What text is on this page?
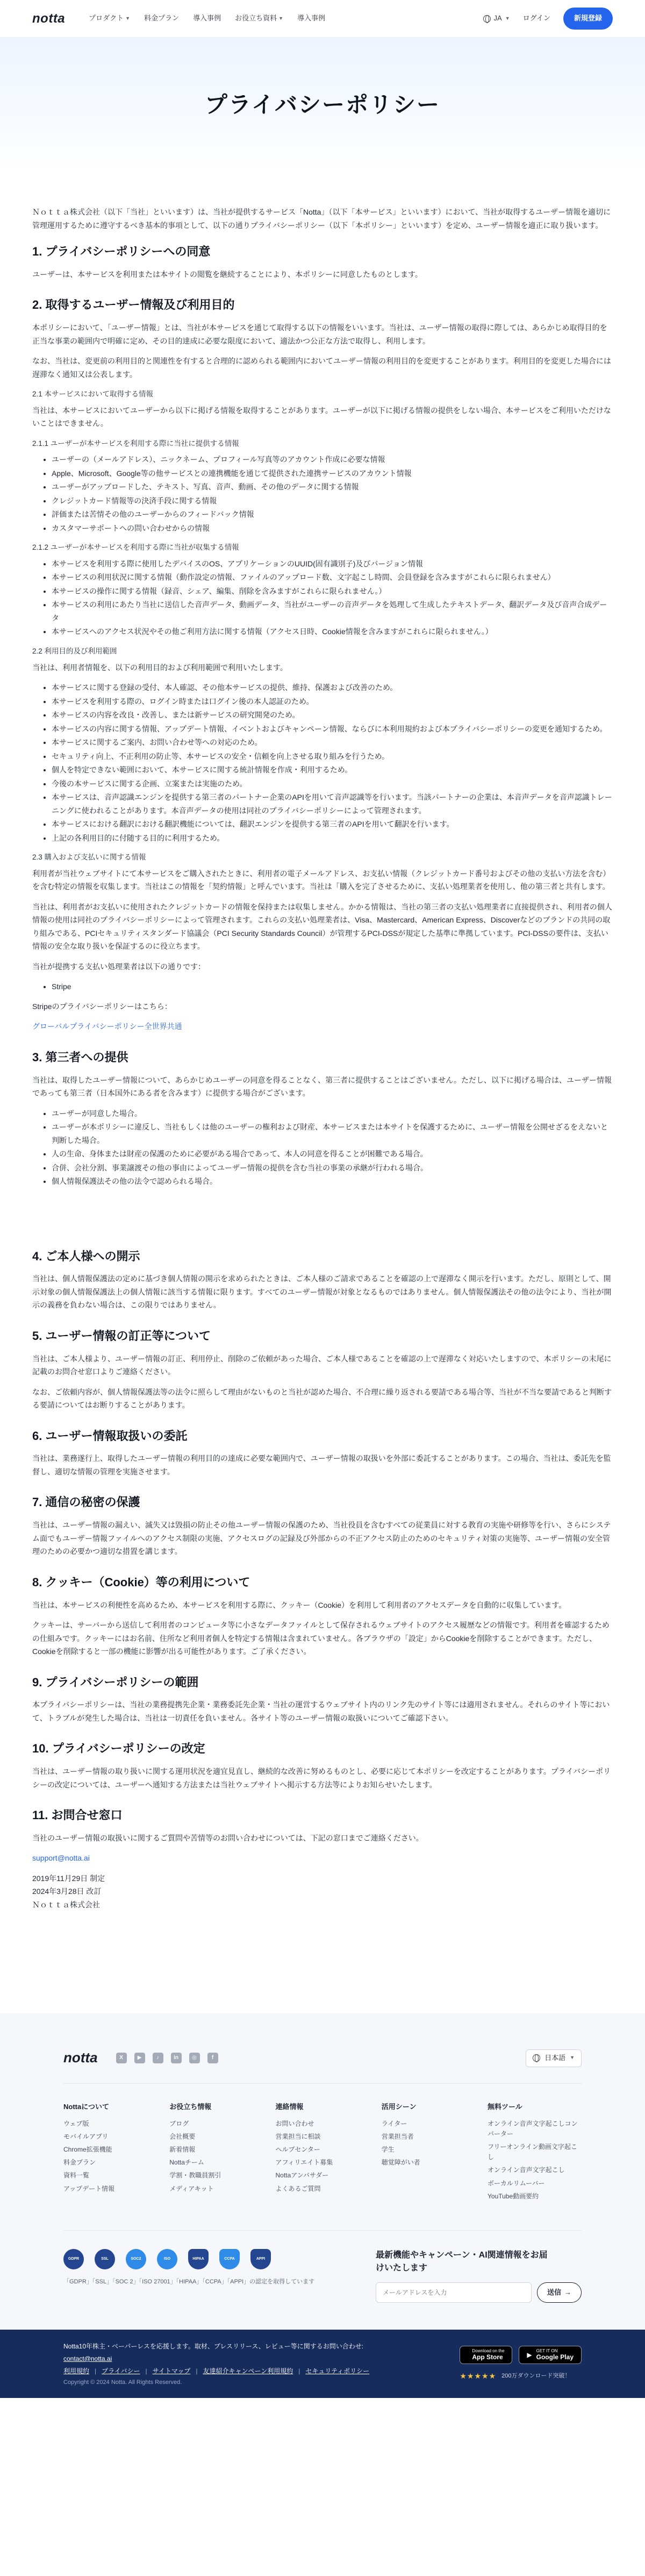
notta	プロダクト ▼ 料金プラン 導入事例 お役立ち資料 ▼ 導入事例	JA ▼ ログイン	新規登録
プライバシーポリシー

Ｎｏｔｔａ株式会社（以下「当社」といいます）は、当社が提供するサービス「Notta」（以下「本サービス」といいます）において、当社が取得するユーザー情報を適切に管理運用するために遵守するべき基本的事項として、以下の通りプライバシーポリシー（以下「本ポリシー」といいます）を定め、ユーザー情報を適正に取り扱います。

1. プライバシーポリシーへの同意

ユーザーは、本サービスを利用または本サイトの閲覧を継続することにより、本ポリシーに同意したものとします。

2. 取得するユーザー情報及び利用目的

本ポリシーにおいて、「ユーザー情報」とは、当社が本サービスを通じて取得する以下の情報をいいます。当社は、ユーザー情報の取得に際しては、あらかじめ取得目的を正当な事業の範囲内で明確に定め、その目的達成に必要な限度において、適法かつ公正な方法で取得し、利用します。

なお、当社は、変更前の利用目的と関連性を有すると合理的に認められる範囲内においてユーザー情報の利用目的を変更することがあります。利用目的を変更した場合には遅滞なく通知又は公表します。

2.1 本サービスにおいて取得する情報

当社は、本サービスにおいてユーザーから以下に掲げる情報を取得することがあります。ユーザーが以下に掲げる情報の提供をしない場合、本サービスをご利用いただけないことはできません。

2.1.1 ユーザーが本サービスを利用する際に当社に提供する情報
• ユーザーの（メールアドレス）、ニックネーム、プロフィール写真等のアカウント作成に必要な情報
• Apple、Microsoft、Google等の他サービスとの連携機能を通じて提供された連携サービスのアカウント情報
• ユーザーがアップロードした、テキスト、写真、音声、動画、その他のデータに関する情報
• クレジットカード情報等の決済手段に関する情報
• 評価または苦情その他のユーザーからのフィードバック情報
• カスタマーサポートへの問い合わせからの情報
2.1.2 ユーザーが本サービスを利用する際に当社が収集する情報
• 本サービスを利用する際に使用したデバイスのOS、アプリケーションのUUID(固有識別子)及びバージョン情報
• 本サービスの利用状況に関する情報（動作設定の情報、ファイルのアップロード数、文字起こし時間、会員登録を含みますがこれらに限られません）
• 本サービスの操作に関する情報（録音、シェア、編集、削除を含みますがこれらに限られません。）
• 本サービスの利用にあたり当社に送信した音声データ、動画データ、当社がユーザーの音声データを処理して生成したテキストデータ、翻訳データ及び音声合成データ
• 本サービスへのアクセス状況やその他ご利用方法に関する情報（アクセス日時、Cookie情報を含みますがこれらに限られません。）
2.2 利用目的及び利用範囲

当社は、利用者情報を、以下の利用目的および利用範囲で利用いたします。

• 本サービスに関する登録の受付、本人確認、その他本サービスの提供、維持、保護および改善のため。
• 本サービスを利用する際の、ログイン時または口グイン後の本人認証のため。
• 本サービスの内容を改良・改善し、または新サービスの研究開発のため。
• 本サービスの内容に関する情報、アップデート情報、イベントおよびキャンペーン情報、ならびに本利用規約および本プライバシーポリシーの変更を通知するため。
• 本サービスに関するご案内、お問い合わせ等への対応のため。
• セキュリティ向上、不正利用の防止等、本サービスの安全・信頼を向上させる取り組みを行うため。
• 個人を特定できない範囲において、本サービスに関する統計情報を作成・利用するため。
• 今後の本サービスに関する企画、立案または実施のため。
• 本サービスは、音声認識エンジンを提供する第三者のパートナー企業のAPIを用いて音声認識等を行います。当該パートナーの企業は、本音声データを音声認識トレーニングに使われることがあります。本音声データの使用は同社のプライバシーポリシーによって管理されます。
• 本サービスにおける翻訳における翻訳機能については、翻訳エンジンを提供する第三者のAPIを用いて翻訳を行います。
• 上記の各利用目的に付随する目的に利用するため。
2.3 購入および支払いに関する情報

利用者が当社ウェブサイトにて本サービスをご購入されたときに、利用者の電子メールアドレス、お支払い情報（クレジットカード番号およびその他の支払い方法を含む）を含む特定の情報を収集します。当社はこの情報を「契約情報」と呼んでいます。当社は「購入を完了させるために、支払い処理業者を使用し、他の第三者と共有します。

当社は、利用者がお支払いに使用されたクレジットカードの情報を保持または収集しません。かかる情報は、当社の第三者の支払い処理業者に直接提供され、利用者の個人情報の使用は同社のプライバシーポリシーによって管理されます。これらの支払い処理業者は、Visa、Mastercard、American Express、Discoverなどのブランドの共同の取り組みである、PCIセキュリティスタンダード協議会（PCI Security Standards Council）が管理するPCI-DSSが規定した基準に準拠しています。PCI-DSSの要件は、支払い情報の安全な取り扱いを保証するのに役立ちます。

当社が提携する支払い処理業者は以下の通りです：

• Stripe

Stripeのプライバシーポリシーはこちら：

グローバルプライバシーポリシー全世界共通

3. 第三者への提供

当社は、取得したユーザー情報について、あらかじめユーザーの同意を得ることなく、第三者に提供することはございません。ただし、以下に掲げる場合は、ユーザー情報であっても第三者（日本国外にある者を含みます）に提供する場合がございます。

• ユーザーが同意した場合。
• ユーザーが本ポリシーに違反し、当社もしくは他のユーザーの権利および財産、本サービスまたは本サイトを保護するために、ユーザー情報を公開せざるをえないと判断した場合。
• 人の生命、身体または財産の保護のために必要がある場合であって、本人の同意を得ることが困難である場合。
• 合併、会社分割、事業譲渡その他の事由によってユーザー情報の提供を含む当社の事業の承継が行われる場合。
• 個人情報保護法その他の法令で認められる場合。
4. ご本人様への開示

当社は、個人情報保護法の定めに基づき個人情報の開示を求められたときは、ご本人様のご請求であることを確認の上で遅滞なく開示を行います。ただし、原則として、開示対象の個人情報保護法上の個人情報に該当する情報に限ります。すべてのユーザー情報が対象となるものではありません。個人情報保護法その他の法令により、当社が開示の義務を負わない場合は、この限りではありません。

5. ユーザー情報の訂正等について

当社は、ご本人様より、ユーザー情報の訂正、利用停止、削除のご依頼があった場合、ご本人様であることを確認の上で遅滞なく対応いたしますので、本ポリシーの末尾に記載のお問合せ窓口よりご連絡ください。

なお、ご依頼内容が、個人情報保護法等の法令に照らして理由がないものと当社が認めた場合、不合理に繰り返される要請である場合等、当社が不当な要請であると判断する要請についてはお断りすることがあります。

6. ユーザー情報取扱いの委託

当社は、業務遂行上、取得したユーザー情報の利用目的の達成に必要な範囲内で、ユーザー情報の取扱いを外部に委託することがあります。この場合、当社は、委託先を監督し、適切な情報の管理を実施させます。

7. 通信の秘密の保護

当社は、ユーザー情報の漏えい、滅失又は毀損の防止その他ユーザー情報の保護のため、当社役員を含むすべての従業員に対する教育の実施や研修等を行い、さらにシステム面でもユーザー情報ファイルへのアクセス制限の実施、アクセスログの記録及び外部からの不正アクセス防止のためのセキュリティ対策の実施等、ユーザー情報の安全管理のための必要かつ適切な措置を講じます。

8. クッキー（Cookie）等の利用について

当社は、本サービスの利便性を高めるため、本サービスを利用する際に、クッキー（Cookie）を利用して利用者のアクセスデータを自動的に収集しています。

クッキーは、サーバーから送信して利用者のコンピュータ等に小さなデータファイルとして保存されるウェブサイトのアクセス履歴などの情報です。利用者を確認するための仕組みです。クッキーにはお名前、住所など利用者個人を特定する情報は含まれていません。各ブラウザの「設定」からCookieを削除することができます。ただし、Cookieを削除すると一部の機能に影響が出る可能性があります。ご了承ください。

9. プライバシーポリシーの範囲

本プライバシーポリシーは、当社の業務提携先企業・業務委託先企業・当社の運営するウェブサイト内のリンク先のサイト等には適用されません。それらのサイト等において、トラブルが発生した場合は、当社は一切責任を負いません。各サイト等のユーザー情報の取扱いについてご確認下さい。

10. プライバシーポリシーの改定

当社は、ユーザー情報の取り扱いに関する運用状況を適宜見直し、継続的な改善に努めるものとし、必要に応じて本ポリシーを改定することがあります。プライバシーポリシーの改定については、ユーザーへ通知する方法または当社ウェブサイトへ掲示する方法等によりお知らせいたします。

11. お問合せ窓口

当社のユーザー情報の取扱いに関するご質問や苦情等のお問い合わせについては、下記の窓口までご連絡ください。

support@notta.ai

2019年11月29日 制定

2024年3月28日 改訂

Ｎｏｔｔａ株式会社

notta	X	▶	♪	in	◎	f	日本語 ▼
Nottaについて
ウェブ版
モバイルアプリ
Chrome拡張機能
料金プラン
資料一覧
アップデート情報
お役立ち情報
ブログ
会社概要
新着情報
Nottaチーム
学割・教職員割引
メディアキット
連絡情報
お問い合わせ
営業担当に相談
ヘルプセンター
アフィリエイト募集
Nottaアンバサダー
よくあるご質問
活用シーン
ライター
営業担当者
学生
聴覚障がい者
無料ツール
オンライン音声文字起こしコンバーター
フリーオンライン動画文字起こし
オンライン音声文字起こし
ボーカルリムーバー
YouTube動画要約
GDPR	SSL	SOC2	ISO	HIPAA	CCPA	APPI
「GDPR」「SSL」「SOC 2」「ISO 27001」「HIPAA」「CCPA」「APPI」の認定を取得しています
最新機能やキャンペーン・AI関連情報をお届けいたします
メールアドレスを入力
送信 →
Notta10年株主・ベーパーレスを応援します。取材、プレスリリース、レビュー等に関するお問い合わせ:
contact@notta.ai
利用規約 | プライバシー | サイトマップ | 友達紹介キャンペーン利用規約 | セキュリティポリシー
Copyright © 2024 Notta. All Rights Reserved.
Download on the
App Store	▶ GET IT ON
Google Play
★★★★★ 200万ダウンロード突破！
